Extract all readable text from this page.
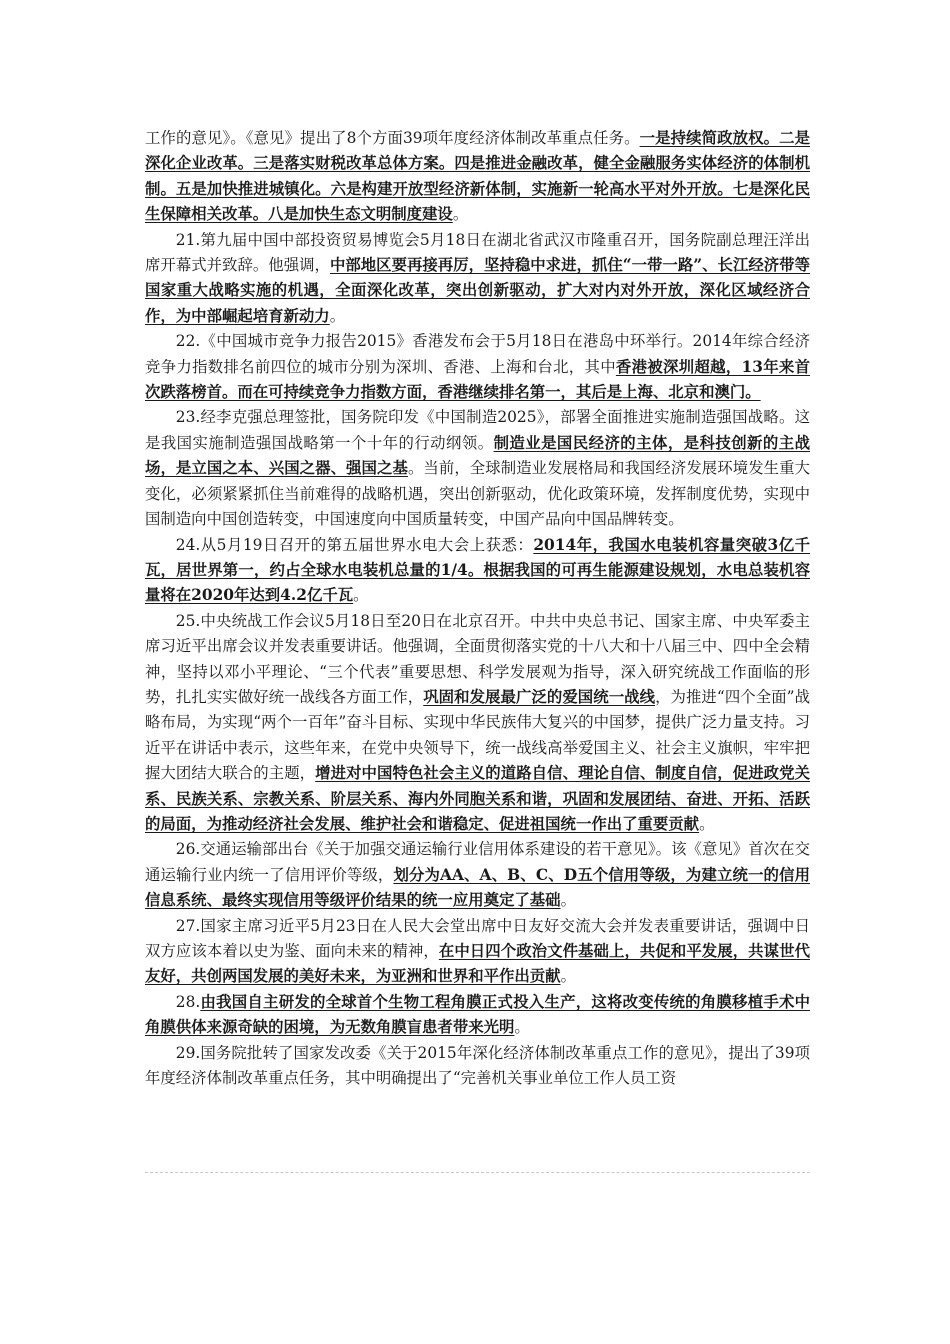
工作的意见》。《意见》提出了8个方面39项年度经济体制改革重点任务。一是持续简政放权。二是深化企业改革。三是落实财税改革总体方案。四是推进金融改革，健全金融服务实体经济的体制机制。五是加快推进城镇化。六是构建开放型经济新体制，实施新一轮高水平对外开放。七是深化民生保障相关改革。八是加快生态文明制度建设。

21.第九届中国中部投资贸易博览会5月18日在湖北省武汉市隆重召开，国务院副总理汪洋出席开幕式并致辞。他强调，中部地区要再接再厉，坚持稳中求进，抓住“一带一路”、长江经济带等国家重大战略实施的机遇，全面深化改革，突出创新驱动，扩大对内对外开放，深化区域经济合作，为中部崛起培育新动力。

22.《中国城市竞争力报告2015》香港发布会于5月18日在港岛中环举行。2014年综合经济竞争力指数排名前四位的城市分别为深圳、香港、上海和台北，其中香港被深圳超越，13年来首次跌落榜首。而在可持续竞争力指数方面，香港继续排名第一，其后是上海、北京和澳门。

23.经李克强总理签批，国务院印发《中国制造2025》，部署全面推进实施制造强国战略。这是我国实施制造强国战略第一个十年的行动纲领。制造业是国民经济的主体，是科技创新的主战场，是立国之本、兴国之器、强国之基。当前，全球制造业发展格局和我国经济发展环境发生重大变化，必须紧紧抓住当前难得的战略机遇，突出创新驱动，优化政策环境，发挥制度优势，实现中国制造向中国创造转变，中国速度向中国质量转变，中国产品向中国品牌转变。

24.从5月19日召开的第五届世界水电大会上获悉：2014年，我国水电装机容量突破3亿千瓦，居世界第一，约占全球水电装机总量的1/4。根据我国的可再生能源建设规划，水电总装机容量将在2020年达到4.2亿千瓦。

25.中央统战工作会议5月18日至20日在北京召开。中共中央总书记、国家主席、中央军委主席习近平出席会议并发表重要讲话。他强调，全面贯彻落实党的十八大和十八届三中、四中全会精神，坚持以邓小平理论、“三个代表”重要思想、科学发展观为指导，深入研究统战工作面临的形势，扎扎实实做好统一战线各方面工作，巩固和发展最广泛的爱国统一战线，为推进“四个全面”战略布局，为实现“两个一百年”奋斗目标、实现中华民族伟大复兴的中国梦，提供广泛力量支持。习近平在讲话中表示，这些年来，在党中央领导下，统一战线高举爱国主义、社会主义旗帜，牢牢把握大团结大联合的主题，增进对中国特色社会主义的道路自信、理论自信、制度自信，促进政党关系、民族关系、宗教关系、阶层关系、海内外同胞关系和谐，巩固和发展团结、奋进、开拓、活跃的局面，为推动经济社会发展、维护社会和谐稳定、促进祖国统一作出了重要贡献。

26.交通运输部出台《关于加强交通运输行业信用体系建设的若干意见》。该《意见》首次在交通运输行业内统一了信用评价等级，划分为AA、A、B、C、D五个信用等级，为建立统一的信用信息系统、最终实现信用等级评价结果的统一应用奠定了基础。

27.国家主席习近平5月23日在人民大会堂出席中日友好交流大会并发表重要讲话，强调中日双方应该本着以史为鉴、面向未来的精神，在中日四个政治文件基础上，共促和平发展，共谋世代友好，共创两国发展的美好未来，为亚洲和世界和平作出贡献。

28.由我国自主研发的全球首个生物工程角膜正式投入生产，这将改变传统的角膜移植手术中角膜供体来源奇缺的困境，为无数角膜盲患者带来光明。

29.国务院批转了国家发改委《关于2015年深化经济体制改革重点工作的意见》，提出了39项年度经济体制改革重点任务，其中明确提出了“完善机关事业单位工作人员工资
